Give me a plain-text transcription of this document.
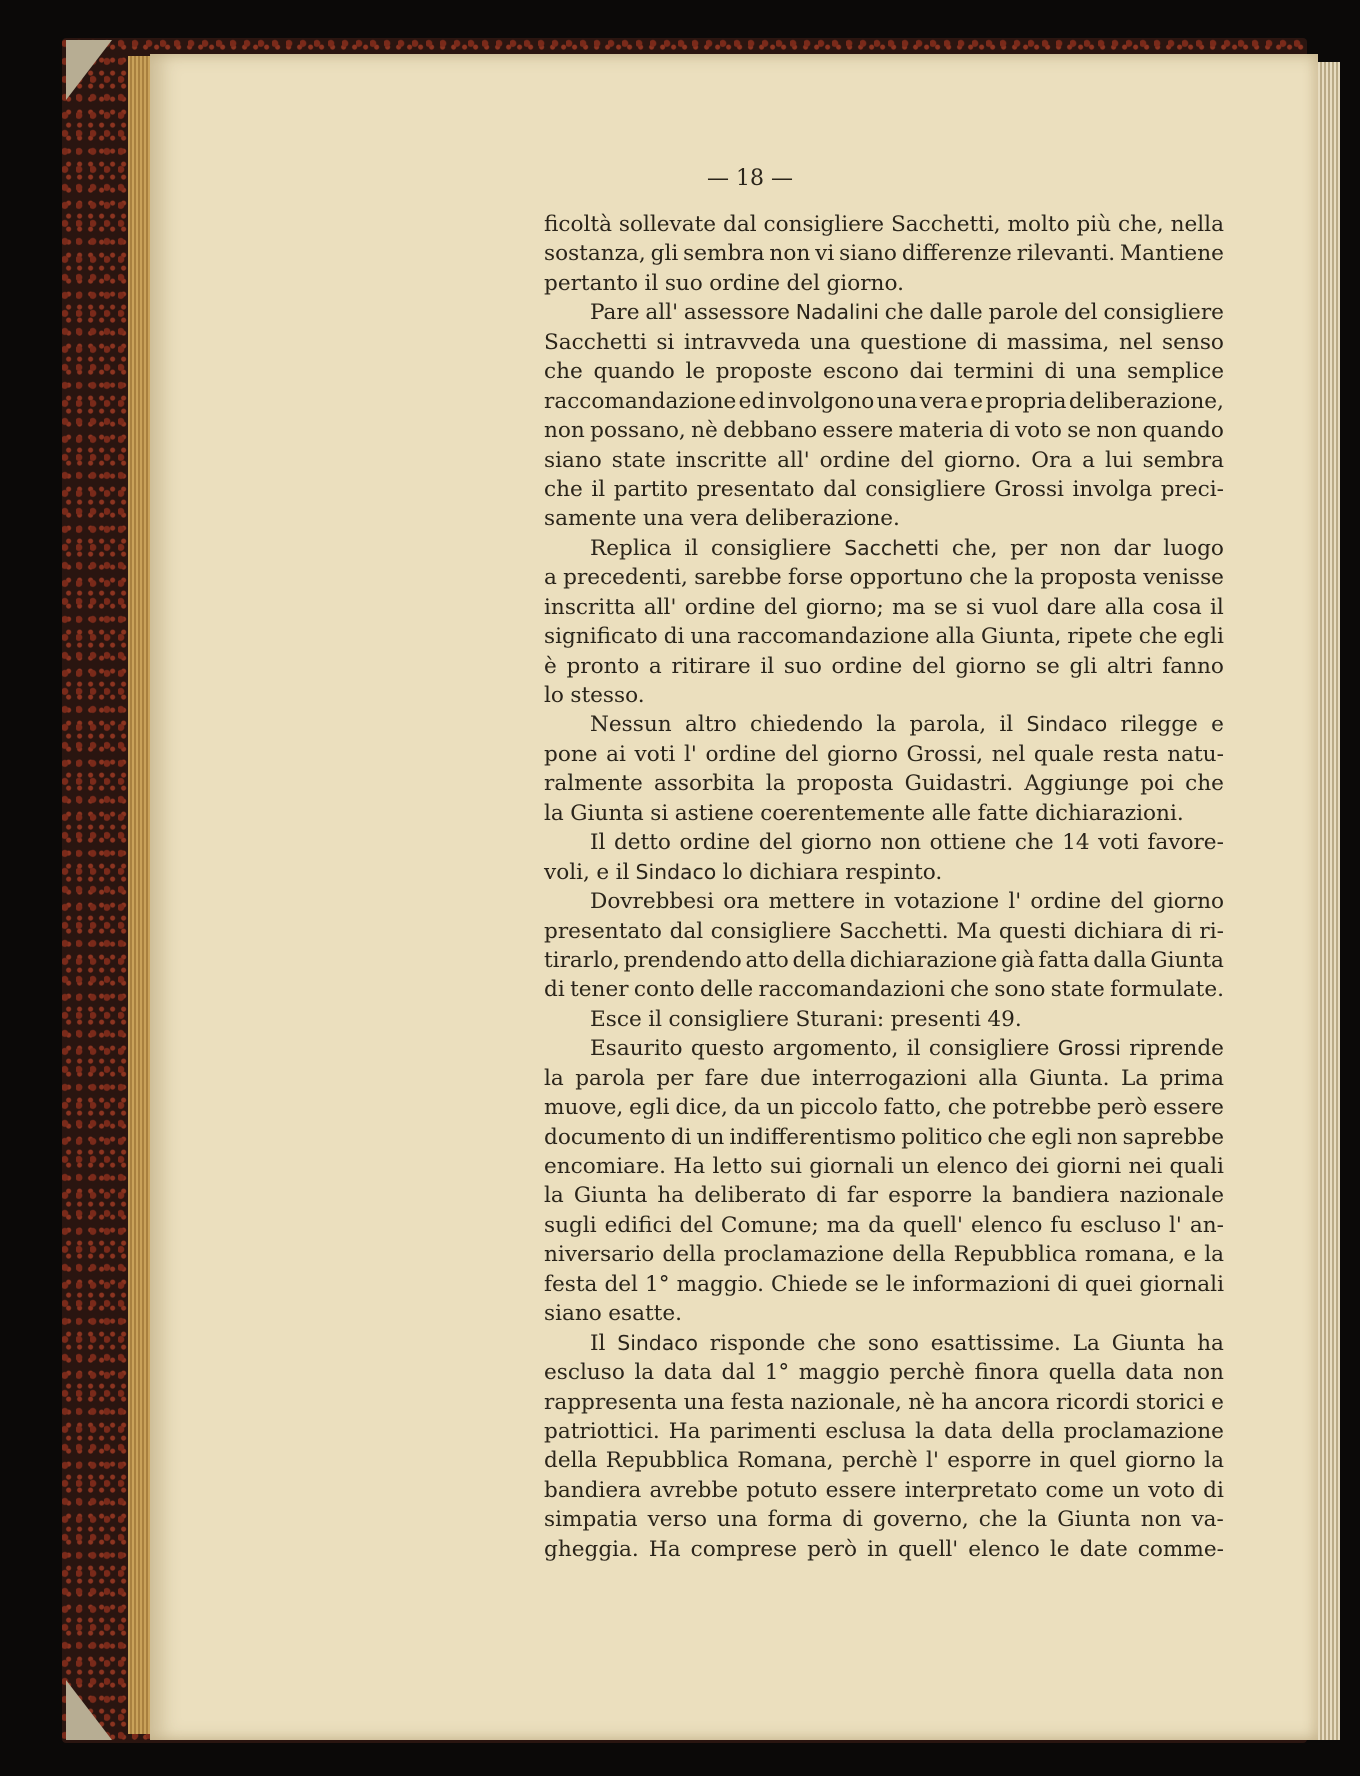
— 18 —
ficoltà sollevate dal consigliere Sacchetti, molto più che, nella
sostanza, gli sembra non vi siano differenze rilevanti. Mantiene
pertanto il suo ordine del giorno.
Pare all' assessore Nadalini che dalle parole del consigliere
Sacchetti si intravveda una questione di massima, nel senso
che quando le proposte escono dai termini di una semplice
raccomandazione ed involgono una vera e propria deliberazione,
non possano, nè debbano essere materia di voto se non quando
siano state inscritte all' ordine del giorno. Ora a lui sembra
che il partito presentato dal consigliere Grossi involga preci-
samente una vera deliberazione.
Replica il consigliere Sacchetti che, per non dar luogo
a precedenti, sarebbe forse opportuno che la proposta venisse
inscritta all' ordine del giorno; ma se si vuol dare alla cosa il
significato di una raccomandazione alla Giunta, ripete che egli
è pronto a ritirare il suo ordine del giorno se gli altri fanno
lo stesso.
Nessun altro chiedendo la parola, il Sindaco rilegge e
pone ai voti l' ordine del giorno Grossi, nel quale resta natu-
ralmente assorbita la proposta Guidastri. Aggiunge poi che
la Giunta si astiene coerentemente alle fatte dichiarazioni.
Il detto ordine del giorno non ottiene che 14 voti favore-
voli, e il Sindaco lo dichiara respinto.
Dovrebbesi ora mettere in votazione l' ordine del giorno
presentato dal consigliere Sacchetti. Ma questi dichiara di ri-
tirarlo, prendendo atto della dichiarazione già fatta dalla Giunta
di tener conto delle raccomandazioni che sono state formulate.
Esce il consigliere Sturani: presenti 49.
Esaurito questo argomento, il consigliere Grossi riprende
la parola per fare due interrogazioni alla Giunta. La prima
muove, egli dice, da un piccolo fatto, che potrebbe però essere
documento di un indifferentismo politico che egli non saprebbe
encomiare. Ha letto sui giornali un elenco dei giorni nei quali
la Giunta ha deliberato di far esporre la bandiera nazionale
sugli edifici del Comune; ma da quell' elenco fu escluso l' an-
niversario della proclamazione della Repubblica romana, e la
festa del 1° maggio. Chiede se le informazioni di quei giornali
siano esatte.
Il Sindaco risponde che sono esattissime. La Giunta ha
escluso la data dal 1° maggio perchè finora quella data non
rappresenta una festa nazionale, nè ha ancora ricordi storici e
patriottici. Ha parimenti esclusa la data della proclamazione
della Repubblica Romana, perchè l' esporre in quel giorno la
bandiera avrebbe potuto essere interpretato come un voto di
simpatia verso una forma di governo, che la Giunta non va-
gheggia. Ha comprese però in quell' elenco le date comme-
